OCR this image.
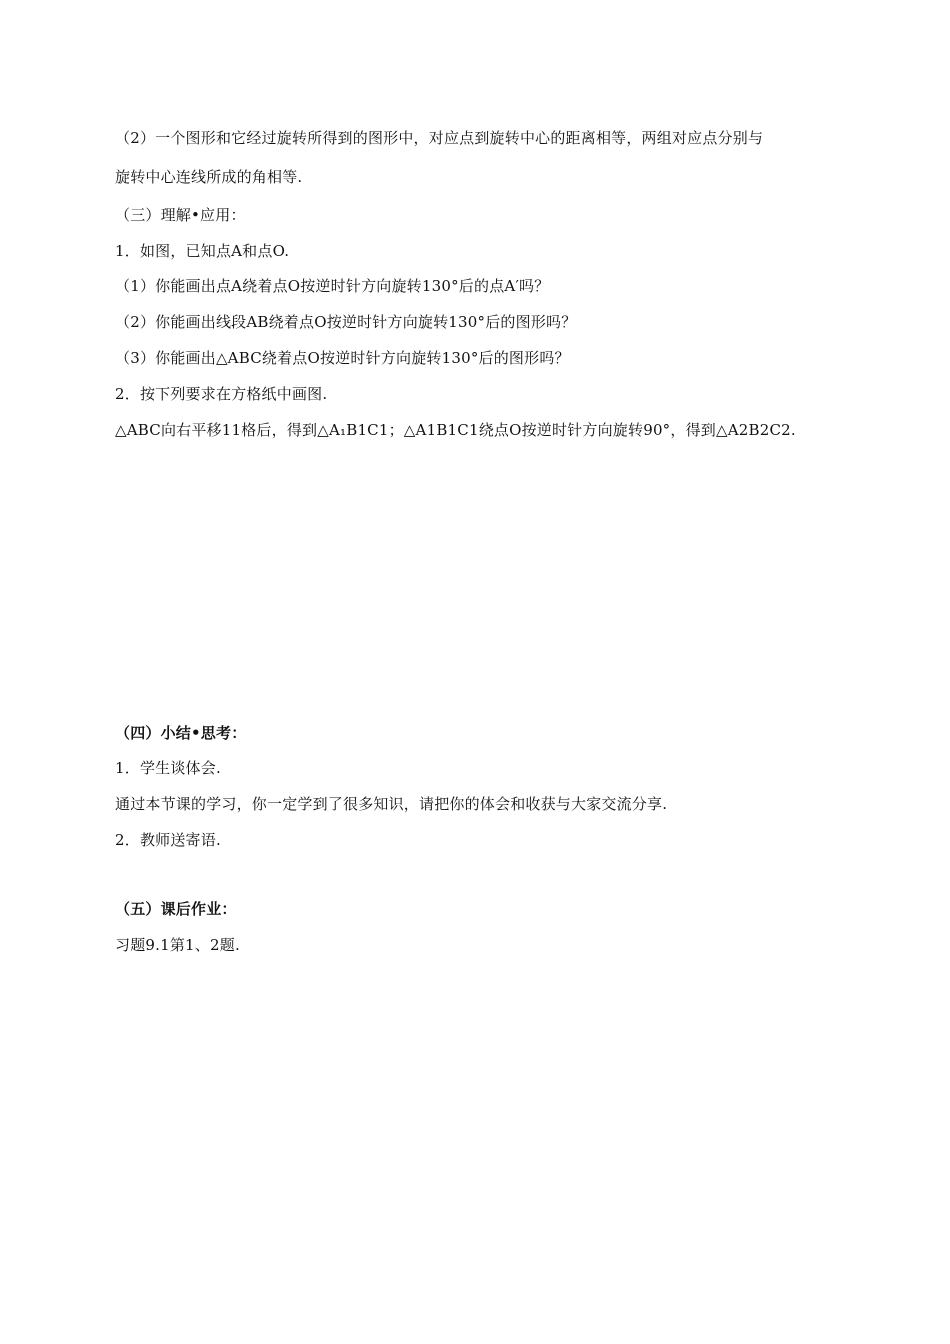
（2）一个图形和它经过旋转所得到的图形中，对应点到旋转中心的距离相等，两组对应点分别与
旋转中心连线所成的角相等.
（三）理解•应用：
1．如图，已知点A和点O.
（1）你能画出点A绕着点O按逆时针方向旋转130°后的点A′吗？
（2）你能画出线段AB绕着点O按逆时针方向旋转130°后的图形吗？
（3）你能画出△ABC绕着点O按逆时针方向旋转130°后的图形吗？
2．按下列要求在方格纸中画图.
△ABC向右平移11格后，得到△A₁B1C1；△A1B1C1绕点O按逆时针方向旋转90°，得到△A2B2C2.
（四）小结•思考：
1．学生谈体会.
通过本节课的学习，你一定学到了很多知识，请把你的体会和收获与大家交流分享.
2．教师送寄语.
（五）课后作业：
习题9.1第1、2题.
